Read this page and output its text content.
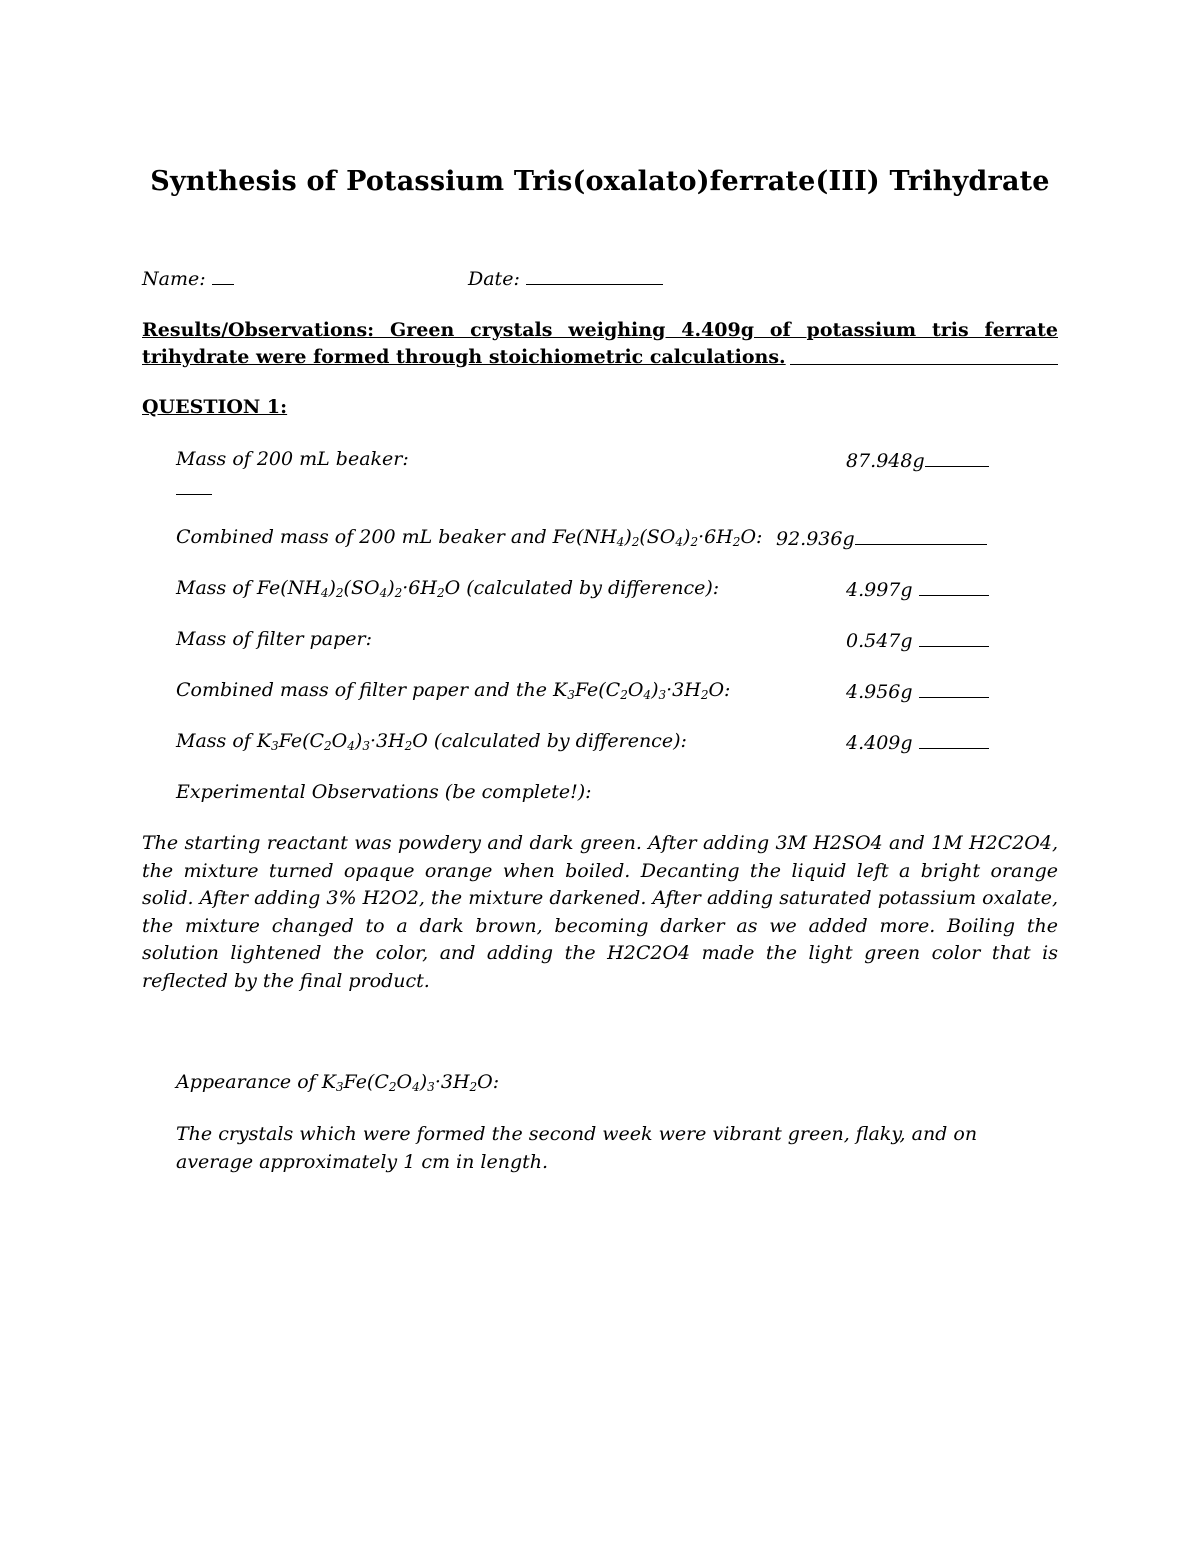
Synthesis of Potassium Tris(oxalato)ferrate(III) Trihydrate
Name:	Date:
Results/Observations: Green crystals weighing 4.409g of potassium tris ferrate trihydrate were formed through stoichiometric calculations.
QUESTION 1:
Mass of 200 mL beaker:	87.948g
Combined mass of 200 mL beaker and $Fe(NH_4)_2(SO_4)_2\cdot 6H_2O$: 92.936g
Mass of $Fe(NH_4)_2(SO_4)_2\cdot 6H_2O$ (calculated by difference):	4.997g
Mass of filter paper:	0.547g
Combined mass of filter paper and the $K_3Fe(C_2O_4)_3\cdot 3H_2O$:	4.956g
Mass of $K_3Fe(C_2O_4)_3\cdot 3H_2O$ (calculated by difference):	4.409g
Experimental Observations (be complete!):
The starting reactant was powdery and dark green. After adding 3M H2SO4 and 1M H2C2O4, the mixture turned opaque orange when boiled. Decanting the liquid left a bright orange solid. After adding 3% H2O2, the mixture darkened. After adding saturated potassium oxalate, the mixture changed to a dark brown, becoming darker as we added more. Boiling the solution lightened the color, and adding the H2C2O4 made the light green color that is reflected by the final product.
Appearance of $K_3Fe(C_2O_4)_3\cdot 3H_2O$:
The crystals which were formed the second week were vibrant green, flaky, and on average approximately 1 cm in length.
